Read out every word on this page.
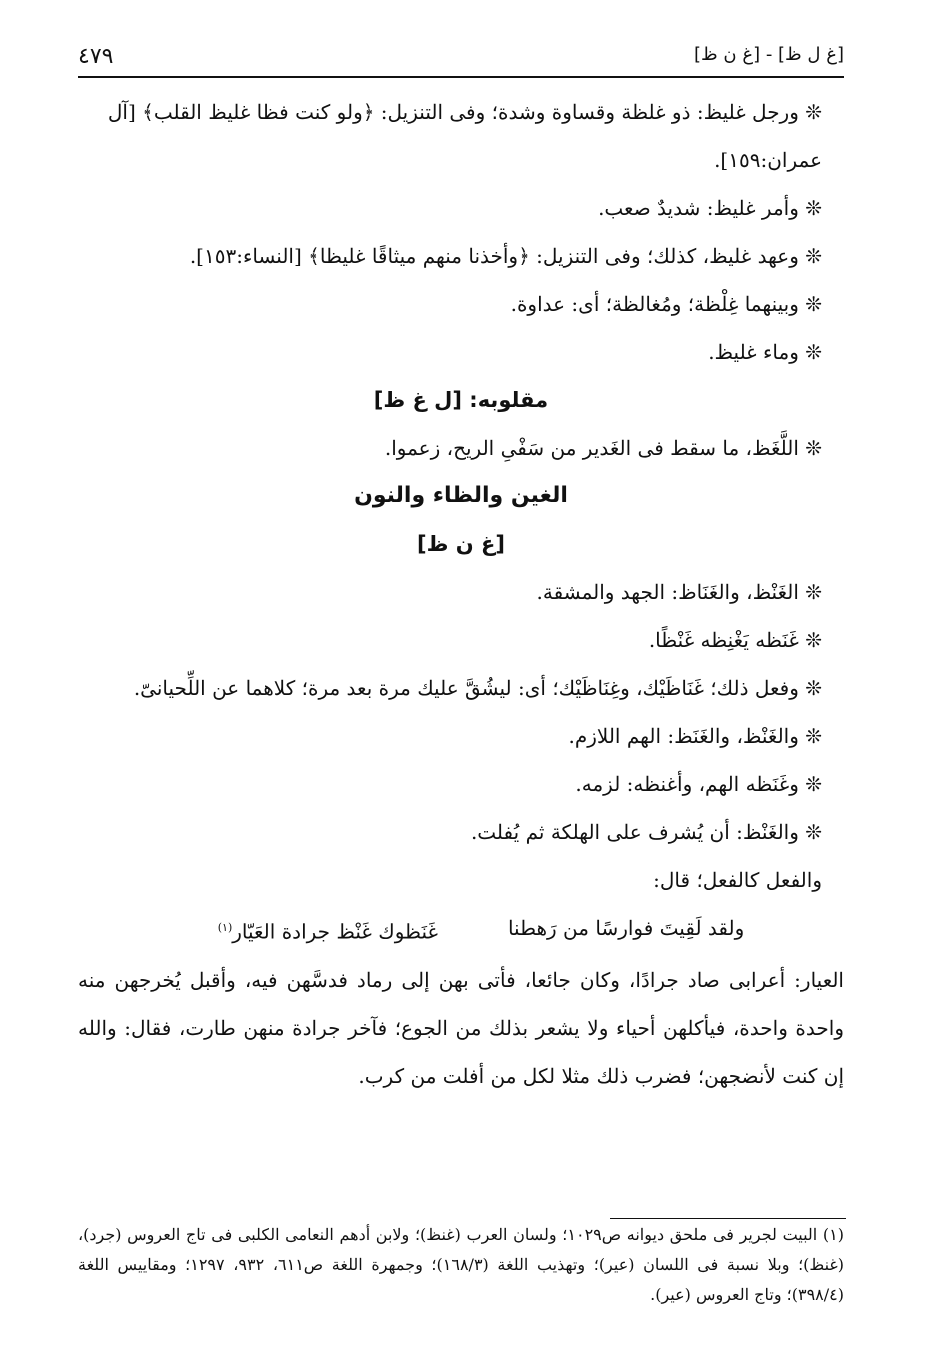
٤٧٩	[غ ل ظ] - [غ ن ظ]

❊ ورجل غليظ: ذو غلظة وقساوة وشدة؛ وفى التنزيل: ﴿ولو كنت فظا غليظ القلب﴾ [آل عمران:١٥٩].

❊ وأمر غليظ: شديدٌ صعب.

❊ وعهد غليظ، كذلك؛ وفى التنزيل: ﴿وأخذنا منهم ميثاقًا غليظا﴾ [النساء:١٥٣].

❊ وبينهما غِلْظة؛ ومُغالظة؛ أى: عداوة.

❊ وماء غليظ.

مقلوبه: [ل غ ظ]

❊ اللَّغَظ، ما سقط فى الغَدير من سَفْىِ الريح، زعموا.

الغين والظاء والنون

[غ ن ظ]

❊ الغَنْظ، والغَنَاظ: الجهد والمشقة.

❊ غَنَظه يَغْنِظه غَنْظًا.

❊ وفعل ذلك؛ غَنَاظَيْك، وغِنَاظَيْك؛ أى: ليشُقَّ عليك مرة بعد مرة؛ كلاهما عن اللِّحيانىّ.

❊ والغَنْظ، والغَنَظ: الهم اللازم.

❊ وغَنَظه الهم، وأغنظه: لزمه.

❊ والغَنْظ: أن يُشرف على الهلكة ثم يُفلت.

والفعل كالفعل؛ قال:

ولقد لَقِيتَ فوارسًا من رَهطنا
غَنَظوك غَنْظ جرادة العَيّار$^{(١)}$

العيار: أعرابى صاد جرادًا، وكان جائعا، فأتى بهن إلى رماد فدسَّهن فيه، وأقبل يُخرجهن منه واحدة واحدة، فيأكلهن أحياء ولا يشعر بذلك من الجوع؛ فآخر جرادة منهن طارت، فقال: والله إن كنت لأنضجهن؛ فضرب ذلك مثلا لكل من أفلت من كرب.

(١) البيت لجرير فى ملحق ديوانه ص١٠٢٩؛ ولسان العرب (غنظ)؛ ولابن أدهم النعامى الكلبى فى تاج العروس (جرد)، (غنظ)؛ وبلا نسبة فى اللسان (عير)؛ وتهذيب اللغة (١٦٨/٣)؛ وجمهرة اللغة ص٦١١، ٩٣٢، ١٢٩٧؛ ومقاييس اللغة (٣٩٨/٤)؛ وتاج العروس (عير).
